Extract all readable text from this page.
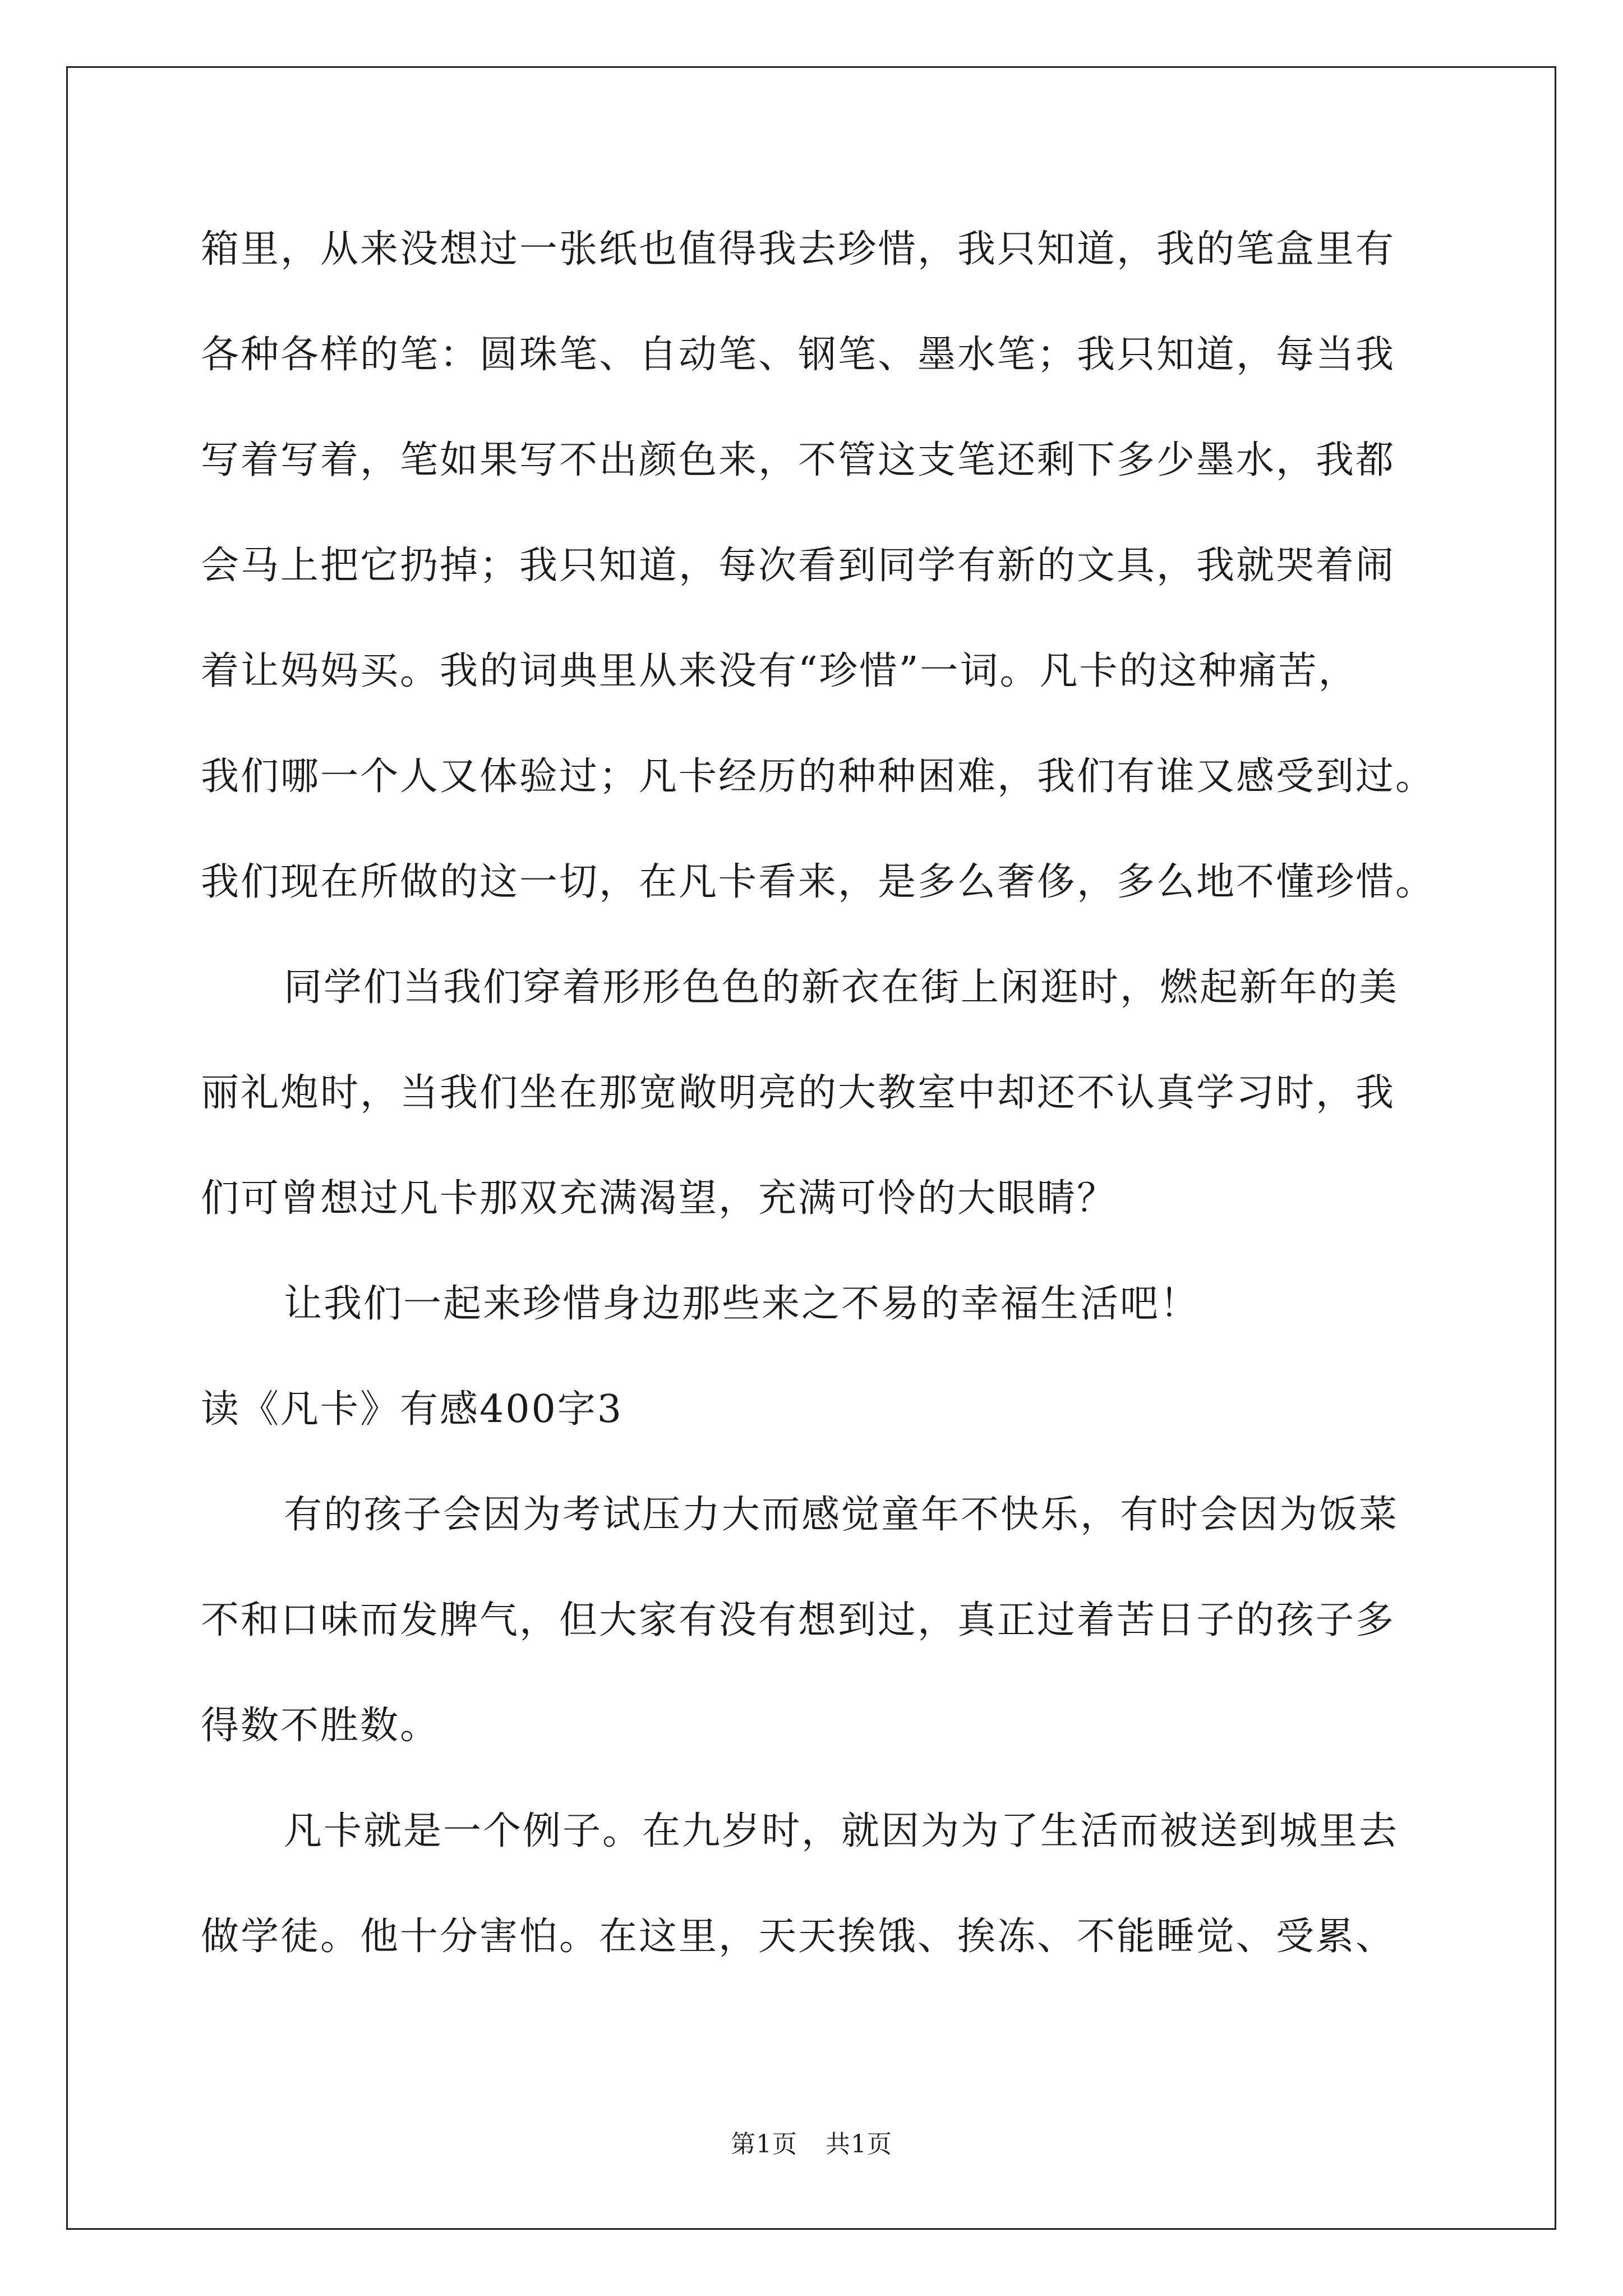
箱里，从来没想过一张纸也值得我去珍惜，我只知道，我的笔盒里有

各种各样的笔：圆珠笔、自动笔、钢笔、墨水笔；我只知道，每当我

写着写着，笔如果写不出颜色来，不管这支笔还剩下多少墨水，我都

会马上把它扔掉；我只知道，每次看到同学有新的文具，我就哭着闹

着让妈妈买。我的词典里从来没有“珍惜”一词。凡卡的这种痛苦，

我们哪一个人又体验过；凡卡经历的种种困难，我们有谁又感受到过。

我们现在所做的这一切，在凡卡看来，是多么奢侈，多么地不懂珍惜。

同学们当我们穿着形形色色的新衣在街上闲逛时，燃起新年的美

丽礼炮时，当我们坐在那宽敞明亮的大教室中却还不认真学习时，我

们可曾想过凡卡那双充满渴望，充满可怜的大眼睛？

让我们一起来珍惜身边那些来之不易的幸福生活吧！

读《凡卡》有感400字3

有的孩子会因为考试压力大而感觉童年不快乐，有时会因为饭菜

不和口味而发脾气，但大家有没有想到过，真正过着苦日子的孩子多

得数不胜数。

凡卡就是一个例子。在九岁时，就因为为了生活而被送到城里去

做学徒。他十分害怕。在这里，天天挨饿、挨冻、不能睡觉、受累、

第1页 共1页
